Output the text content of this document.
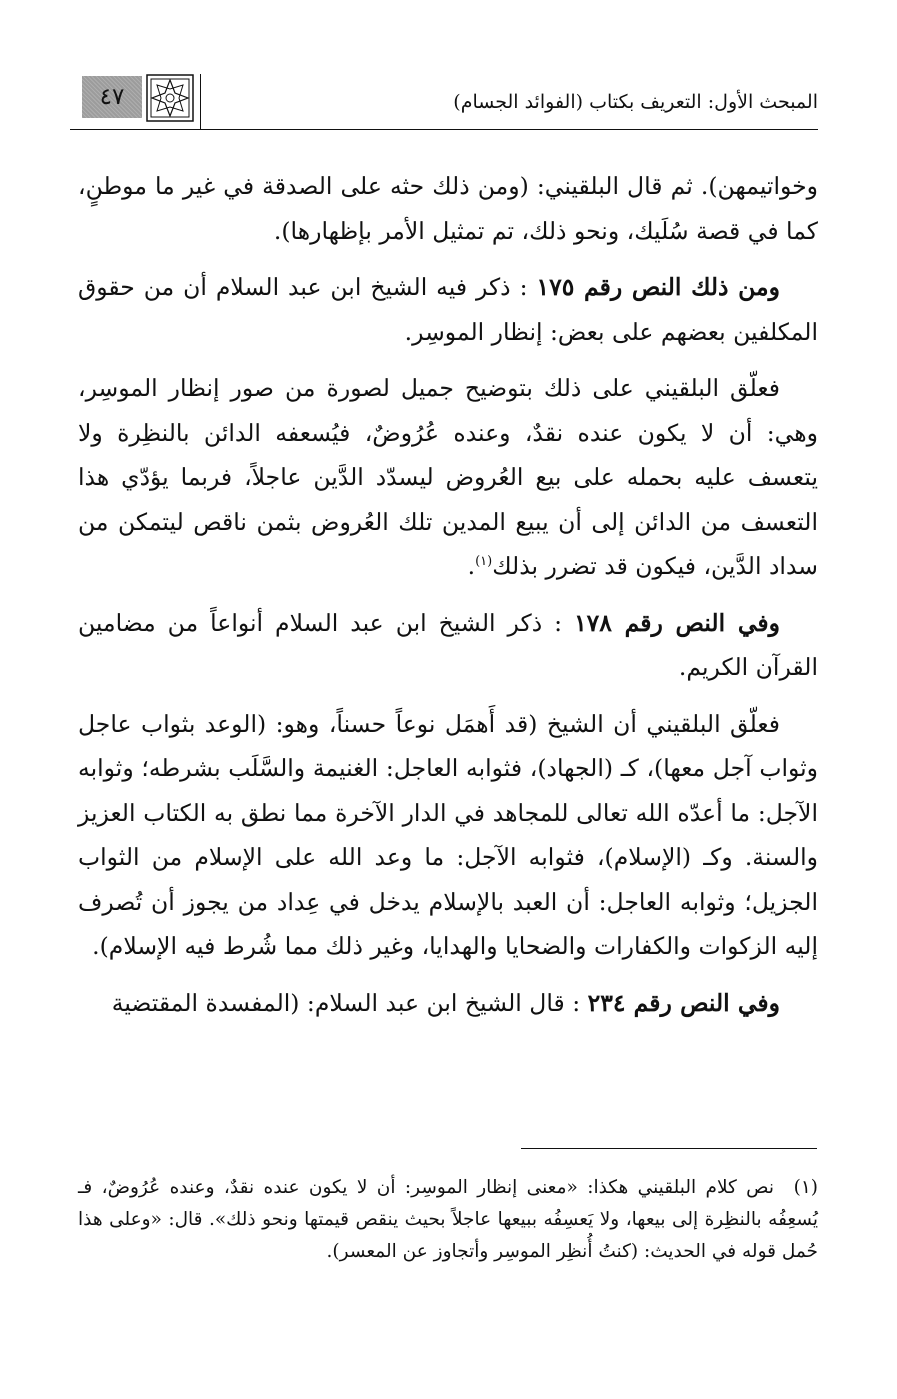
المبحث الأول: التعريف بكتاب (الفوائد الجسام)
٤٧

وخواتيمهن). ثم قال البلقيني: (ومن ذلك حثه على الصدقة في غير ما موطنٍ، كما في قصة سُلَيك، ونحو ذلك، تم تمثيل الأمر بإظهارها).

ومن ذلك النص رقم ١٧٥ : ذكر فيه الشيخ ابن عبد السلام أن من حقوق المكلفين بعضهم على بعض: إنظار الموسِر.

فعلّق البلقيني على ذلك بتوضيح جميل لصورة من صور إنظار الموسِر، وهي: أن لا يكون عنده نقدٌ، وعنده عُرُوضٌ، فيُسعفه الدائن بالنظِرة ولا يتعسف عليه بحمله على بيع العُروض ليسدّد الدَّين عاجلاً، فربما يؤدّي هذا التعسف من الدائن إلى أن يبيع المدين تلك العُروض بثمن ناقص ليتمكن من سداد الدَّين، فيكون قد تضرر بذلك$^{(١)}$.

وفي النص رقم ١٧٨ : ذكر الشيخ ابن عبد السلام أنواعاً من مضامين القرآن الكريم.

فعلّق البلقيني أن الشيخ (قد أَهمَل نوعاً حسناً، وهو: (الوعد بثواب عاجل وثواب آجل معها)، كـ (الجهاد)، فثوابه العاجل: الغنيمة والسَّلَب بشرطه؛ وثوابه الآجل: ما أعدّه الله تعالى للمجاهد في الدار الآخرة مما نطق به الكتاب العزيز والسنة. وكـ (الإسلام)، فثوابه الآجل: ما وعد الله على الإسلام من الثواب الجزيل؛ وثوابه العاجل: أن العبد بالإسلام يدخل في عِداد من يجوز أن تُصرف إليه الزكوات والكفارات والضحايا والهدايا، وغير ذلك مما شُرط فيه الإسلام).

وفي النص رقم ٢٣٤ : قال الشيخ ابن عبد السلام: (المفسدة المقتضية

(١)نص كلام البلقيني هكذا: «معنى إنظار الموسِر: أن لا يكون عنده نقدٌ، وعنده عُرُوضٌ، فـ يُسعِفُه بالنظِرة إلى بيعها، ولا يَعسِفُه ببيعها عاجلاً بحيث ينقص قيمتها ونحو ذلك». قال: «وعلى هذا حُمل قوله في الحديث: (كنتُ أُنظِر الموسِر وأتجاوز عن المعسر).
